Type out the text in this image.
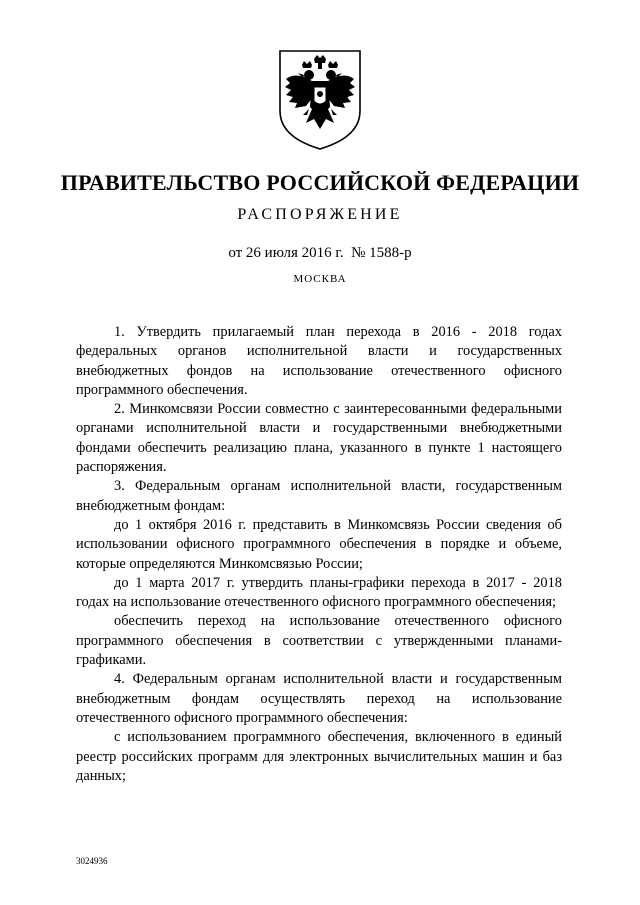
ПРАВИТЕЛЬСТВО РОССИЙСКОЙ ФЕДЕРАЦИИ
РАСПОРЯЖЕНИЕ
от 26 июля 2016 г. № 1588-р
МОСКВА

1. Утвердить прилагаемый план перехода в 2016 - 2018 годах федеральных органов исполнительной власти и государственных внебюджетных фондов на использование отечественного офисного программного обеспечения.

2. Минкомсвязи России совместно с заинтересованными федеральными органами исполнительной власти и государственными внебюджетными фондами обеспечить реализацию плана, указанного в пункте 1 настоящего распоряжения.

3. Федеральным органам исполнительной власти, государственным внебюджетным фондам:

до 1 октября 2016 г. представить в Минкомсвязь России сведения об использовании офисного программного обеспечения в порядке и объеме, которые определяются Минкомсвязью России;

до 1 марта 2017 г. утвердить планы-графики перехода в 2017 - 2018 годах на использование отечественного офисного программного обеспечения;

обеспечить переход на использование отечественного офисного программного обеспечения в соответствии с утвержденными планами-графиками.

4. Федеральным органам исполнительной власти и государственным внебюджетным фондам осуществлять переход на использование отечественного офисного программного обеспечения:

с использованием программного обеспечения, включенного в единый реестр российских программ для электронных вычислительных машин и баз данных;

3024936
